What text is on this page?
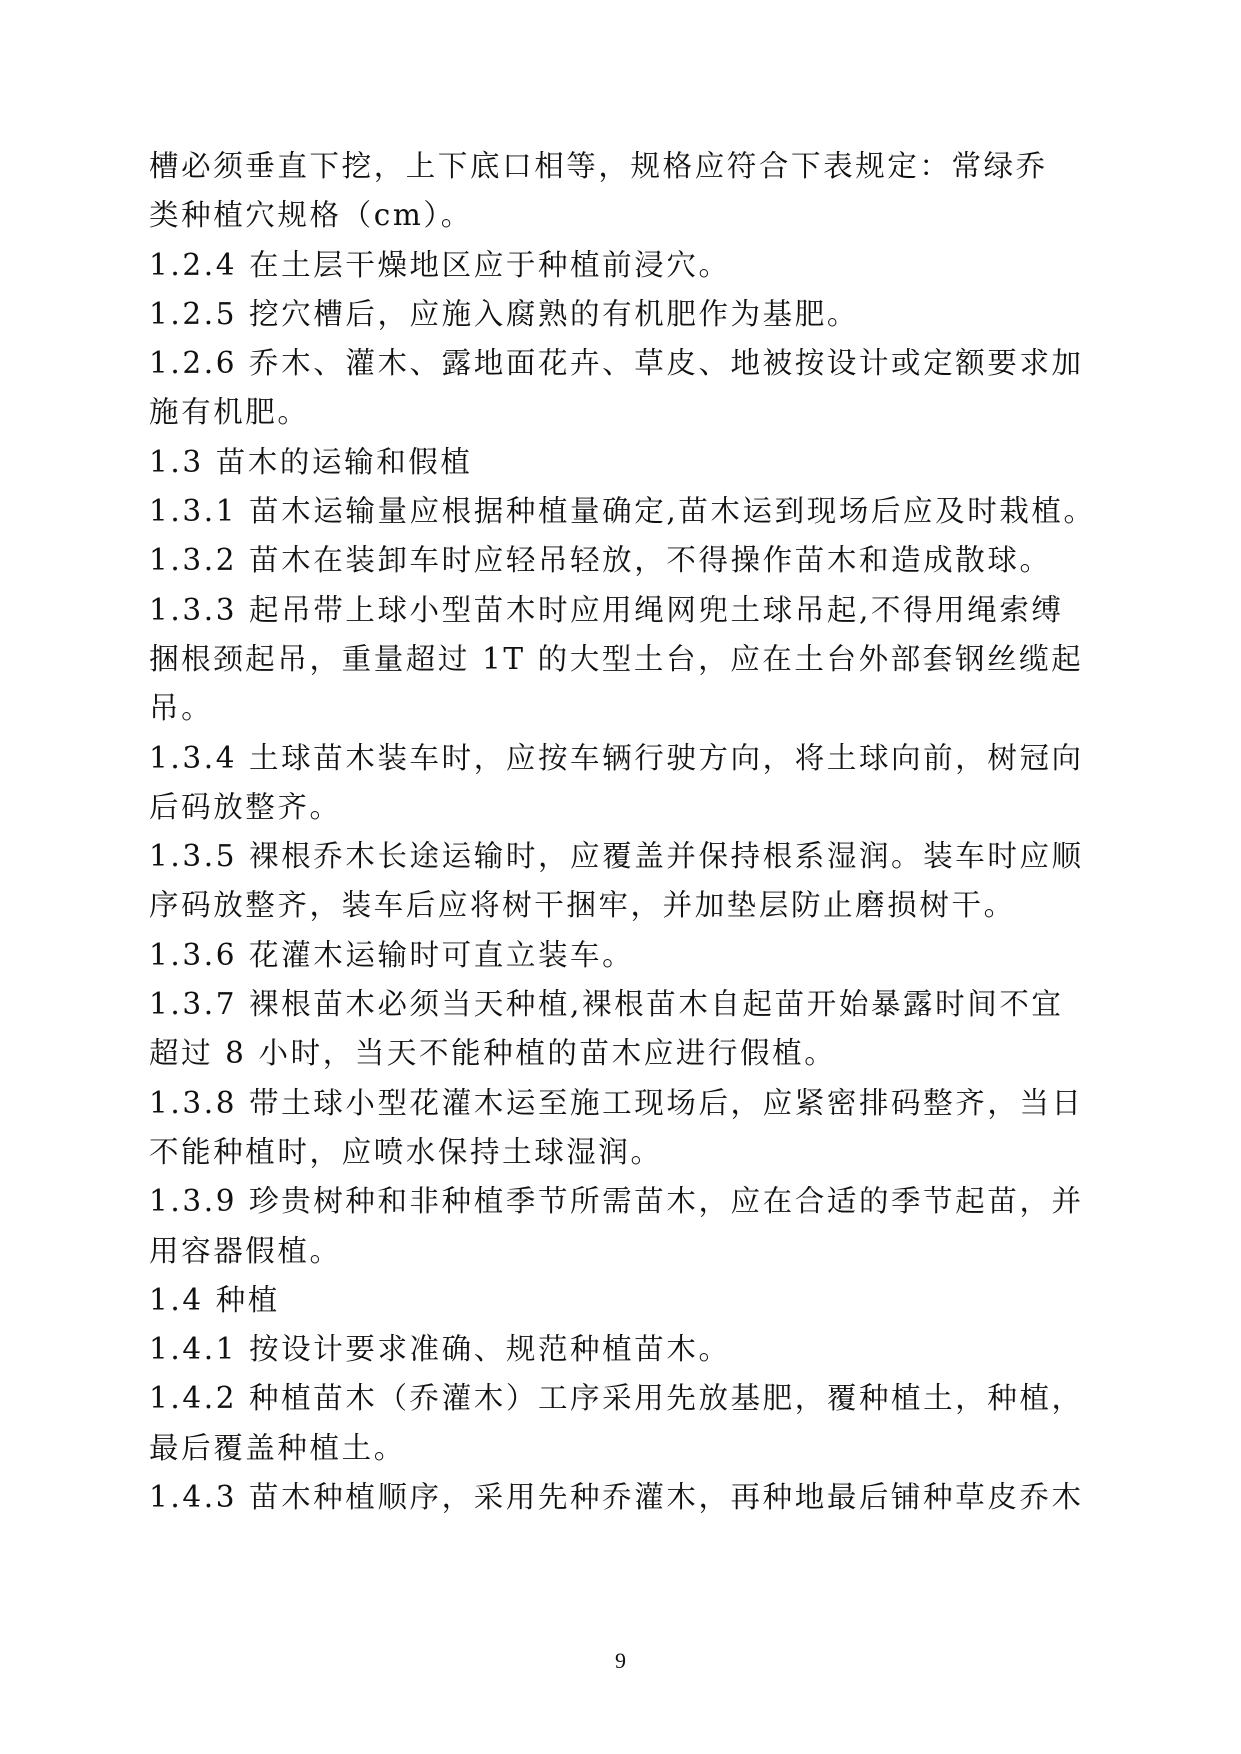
槽必须垂直下挖，上下底口相等，规格应符合下表规定：常绿乔
类种植穴规格（cm）。
1.2.4 在土层干燥地区应于种植前浸穴。
1.2.5 挖穴槽后，应施入腐熟的有机肥作为基肥。
1.2.6 乔木、灌木、露地面花卉、草皮、地被按设计或定额要求加
施有机肥。
1.3 苗木的运输和假植
1.3.1 苗木运输量应根据种植量确定,苗木运到现场后应及时栽植。
1.3.2 苗木在装卸车时应轻吊轻放，不得操作苗木和造成散球。
1.3.3 起吊带上球小型苗木时应用绳网兜土球吊起,不得用绳索缚
捆根颈起吊，重量超过 1T 的大型土台，应在土台外部套钢丝缆起
吊。
1.3.4 土球苗木装车时，应按车辆行驶方向，将土球向前，树冠向
后码放整齐。
1.3.5 裸根乔木长途运输时，应覆盖并保持根系湿润。装车时应顺
序码放整齐，装车后应将树干捆牢，并加垫层防止磨损树干。
1.3.6 花灌木运输时可直立装车。
1.3.7 裸根苗木必须当天种植,裸根苗木自起苗开始暴露时间不宜
超过 8 小时，当天不能种植的苗木应进行假植。
1.3.8 带土球小型花灌木运至施工现场后，应紧密排码整齐，当日
不能种植时，应喷水保持土球湿润。
1.3.9 珍贵树种和非种植季节所需苗木，应在合适的季节起苗，并
用容器假植。
1.4 种植
1.4.1 按设计要求准确、规范种植苗木。
1.4.2 种植苗木（乔灌木）工序采用先放基肥，覆种植土，种植，
最后覆盖种植土。
1.4.3 苗木种植顺序，采用先种乔灌木，再种地最后铺种草皮乔木
9
